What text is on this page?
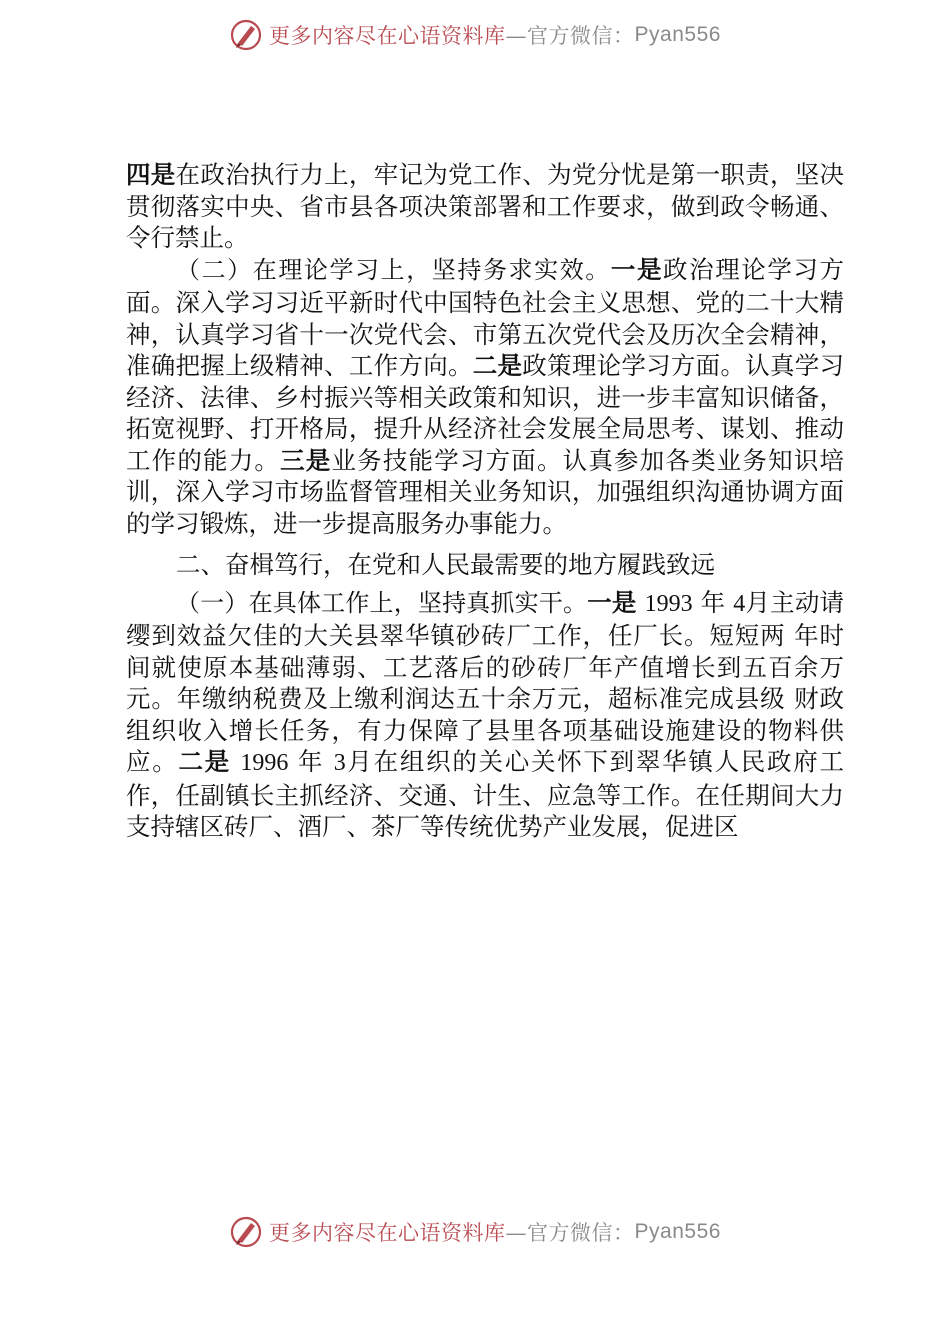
更多内容尽在心语资料库 —官方微信： Pyan556

四是在政治执行力上，牢记为党工作、为党分忧是第一职责，坚决贯彻落实中央、省市县各项决策部署和工作要求，做到政令畅通、令行禁止。

（二）在理论学习上，坚持务求实效。一是政治理论学习方面。深入学习习近平新时代中国特色社会主义思想、党的二十大精神，认真学习省十一次党代会、市第五次党代会及历次全会精神，准确把握上级精神、工作方向。二是政策理论学习方面。认真学习经济、法律、乡村振兴等相关政策和知识，进一步丰富知识储备，拓宽视野、打开格局，提升从经济社会发展全局思考、谋划、推动工作的能力。三是业务技能学习方面。认真参加各类业务知识培训，深入学习市场监督管理相关业务知识，加强组织沟通协调方面的学习锻炼，进一步提高服务办事能力。

二、奋楫笃行，在党和人民最需要的地方履践致远

（一）在具体工作上，坚持真抓实干。一是 1993 年 4月主动请缨到效益欠佳的大关县翠华镇砂砖厂工作，任厂长。短短两 年时间就使原本基础薄弱、工艺落后的砂砖厂年产值增长到五百余万元。年缴纳税费及上缴利润达五十余万元，超标准完成县级 财政组织收入增长任务，有力保障了县里各项基础设施建设的物料供应。二是 1996 年 3月在组织的关心关怀下到翠华镇人民政府工作，任副镇长主抓经济、交通、计生、应急等工作。在任期间大力支持辖区砖厂、酒厂、茶厂等传统优势产业发展，促进区

更多内容尽在心语资料库 —官方微信： Pyan556
